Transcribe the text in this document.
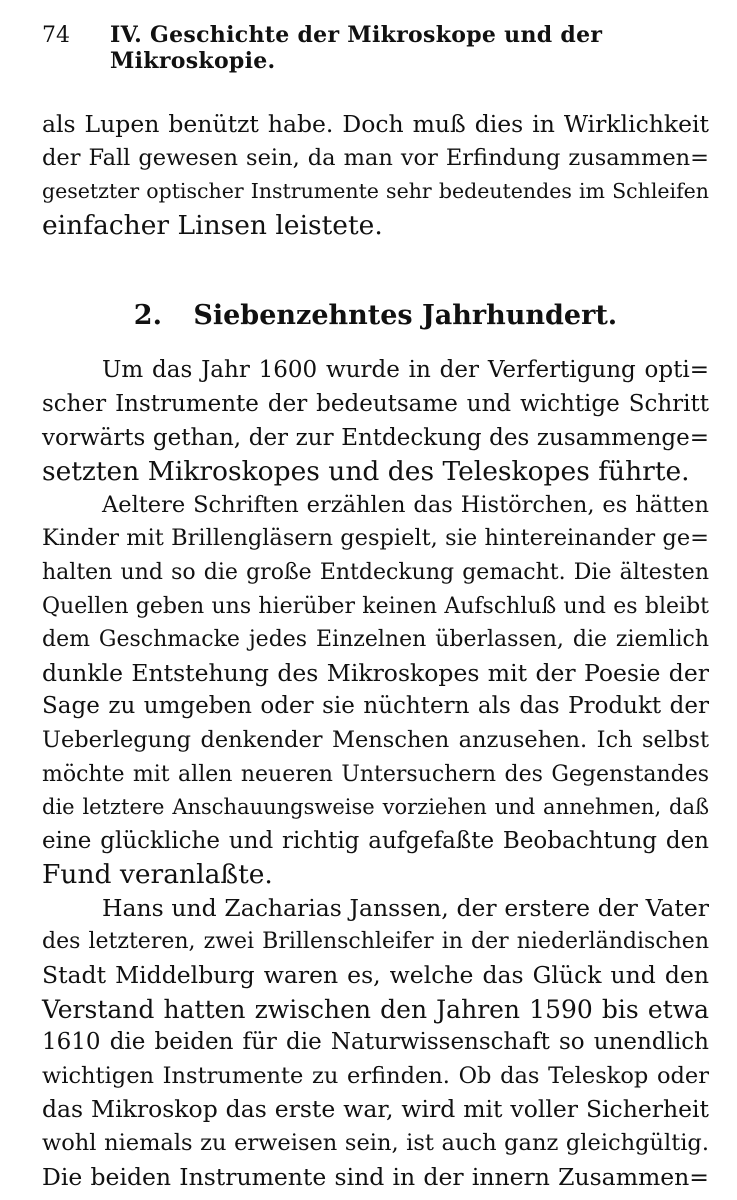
74	IV. Geschichte der Mikroskope und der Mikroskopie.
als Lupen benützt habe. Doch muß dies in Wirklichkeit
der Fall gewesen sein, da man vor Erfindung zusammen=
gesetzter optischer Instrumente sehr bedeutendes im Schleifen
einfacher Linsen leistete.
2. Siebenzehntes Jahrhundert.
Um das Jahr 1600 wurde in der Verfertigung opti=
scher Instrumente der bedeutsame und wichtige Schritt
vorwärts gethan, der zur Entdeckung des zusammenge=
setzten Mikroskopes und des Teleskopes führte.
Aeltere Schriften erzählen das Histörchen, es hätten
Kinder mit Brillengläsern gespielt, sie hintereinander ge=
halten und so die große Entdeckung gemacht. Die ältesten
Quellen geben uns hierüber keinen Aufschluß und es bleibt
dem Geschmacke jedes Einzelnen überlassen, die ziemlich
dunkle Entstehung des Mikroskopes mit der Poesie der
Sage zu umgeben oder sie nüchtern als das Produkt der
Ueberlegung denkender Menschen anzusehen. Ich selbst
möchte mit allen neueren Untersuchern des Gegenstandes
die letztere Anschauungsweise vorziehen und annehmen, daß
eine glückliche und richtig aufgefaßte Beobachtung den
Fund veranlaßte.
Hans und Zacharias Janssen, der erstere der Vater
des letzteren, zwei Brillenschleifer in der niederländischen
Stadt Middelburg waren es, welche das Glück und den
Verstand hatten zwischen den Jahren 1590 bis etwa
1610 die beiden für die Naturwissenschaft so unendlich
wichtigen Instrumente zu erfinden. Ob das Teleskop oder
das Mikroskop das erste war, wird mit voller Sicherheit
wohl niemals zu erweisen sein, ist auch ganz gleichgültig.
Die beiden Instrumente sind in der innern Zusammen=
